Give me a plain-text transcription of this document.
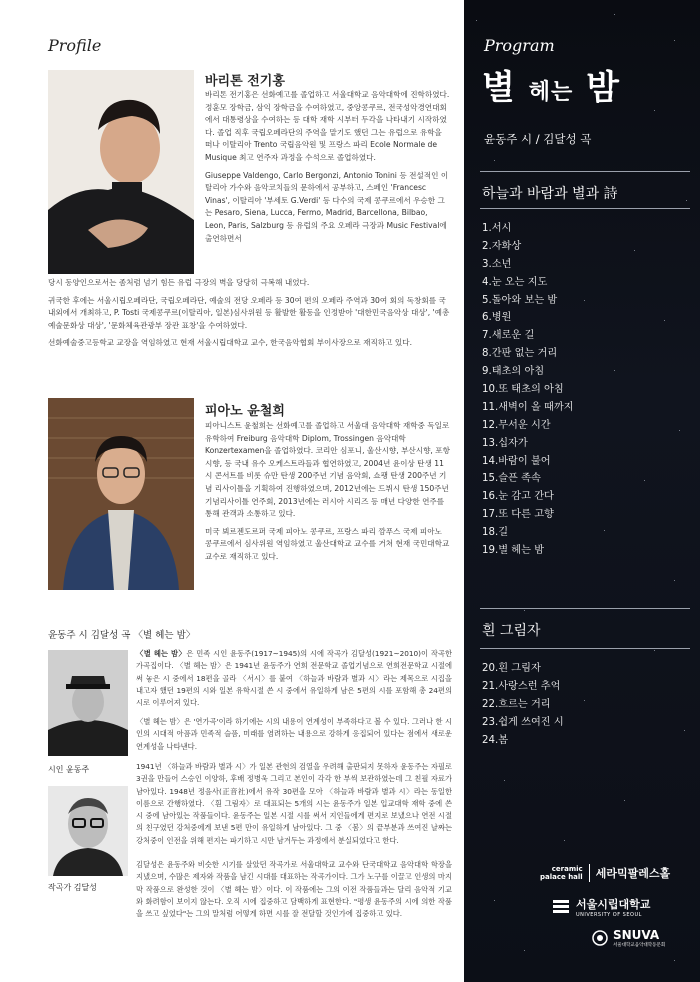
Profile
바리톤 전기홍

바리톤 전기홍은 선화예고를 졸업하고 서울대학교 음악대학에 진학하였다. 정훈모 장학금, 삼익 장학금을 수여하였고, 중앙콩쿠르, 전국성악경연대회에서 대통령상을 수여하는 등 대학 재학 시부터 두각을 나타내기 시작하였다. 졸업 직후 국립오페라단의 주역을 맡기도 했던 그는 유럽으로 유학을 떠나 이탈리아 Trento 국립음악원 및 프랑스 파리 Ecole Normale de Musique 최고 연주자 과정을 수석으로 졸업하였다.

Giuseppe Valdengo, Carlo Bergonzi, Antonio Tonini 등 전설적인 이탈리아 가수와 음악코치들의 문하에서 공부하고, 스페인 'Francesc Vinas', 이탈리아 '부세토 G.Verdi' 등 다수의 국제 콩쿠르에서 우승한 그는 Pesaro, Siena, Lucca, Fermo, Madrid, Barcellona, Bilbao, Leon, Paris, Salzburg 등 유럽의 주요 오페라 극장과 Music Festival에 출연하면서

당시 동양인으로서는 좀처럼 넘기 힘든 유럽 극장의 벽을 당당히 극복해 내었다.

귀국한 후에는 서울시립오페라단, 국립오페라단, 예술의 전당 오페라 등 30여 편의 오페라 주역과 30여 회의 독창회를 국내외에서 개최하고, P. Tosti 국제콩쿠르(이탈리아, 일본)심사위원 등 활발한 활동을 인정받아 '대한민국음악상 대상', '예총예술문화상 대상', '문화체육관광부 장관 표창'을 수여하였다.

선화예술중고등학교 교장을 역임하였고 현재 서울시립대학교 교수, 한국음악협회 부이사장으로 재직하고 있다.

피아노 윤철희

피아니스트 윤철희는 선화예고를 졸업하고 서울대 음악대학 재학중 독일로 유학하여 Freiburg 음악대학 Diplom, Trossingen 음악대학 Konzertexamen을 졸업하였다. 코리안 심포니, 울산시향, 부산시향, 포항시향, 등 국내 유수 오케스트라들과 협연하였고, 2004년 윤이상 탄생 11시 콘서트를 비롯 슈만 탄생 200주년 기념 음악회, 쇼팽 탄생 200주년 기념 리사이틀을 기획하여 진행하였으며, 2012년에는 드뷔시 탄생 150주년 기념리사이틀 연주회, 2013년에는 러시아 시리즈 등 매년 다양한 연주를 통해 관객과 소통하고 있다.

미국 뵈르젠도르퍼 국제 피아노 콩쿠르, 프랑스 파리 깜푸스 국제 피아노 콩쿠르에서 심사위원 역임하였고 울산대학교 교수를 거쳐 현재 국민대학교 교수로 재직하고 있다.

윤동주 시 김달성 곡 〈별 헤는 밤〉
시인 윤동주
작곡가 김달성
〈별 헤는 밤〉은 민족 시인 윤동주(1917~1945)의 시에 작곡가 김달성(1921~2010)이 작곡한 가곡집이다. 〈별 헤는 밤〉은 1941년 윤동주가 연희 전문학교 졸업기념으로 연희전문학교 시절에 써 놓은 시 중에서 18편을 골라 〈서시〉를 붙여 〈하늘과 바람과 별과 시〉라는 제목으로 시집을 내고자 했던 19편의 시와 일본 유학시절 쓴 시 중에서 유일하게 남은 5편의 시를 포함해 총 24편의 시로 이루어져 있다.
〈별 헤는 밤〉은 '연가곡'이라 하기에는 시의 내용이 연계성이 부족하다고 볼 수 있다. 그러나 한 시인의 시대적 아픔과 민족적 슬픔, 미래를 염려하는 내용으로 강하게 응집되어 있다는 점에서 새로운 연계성을 나타낸다.
1941년 〈하늘과 바람과 별과 시〉가 일본 관헌의 검열을 우려해 출판되지 못하자 윤동주는 자필로 3권을 만들어 스승인 이양하, 후배 정병욱 그리고 본인이 각각 한 부씩 보관하였는데 그 친필 자료가 남아있다. 1948년 정음사(正音社)에서 유작 30편을 모아 〈하늘과 바람과 별과 시〉라는 동일한 이름으로 간행하였다. 〈흰 그림자〉로 대표되는 5개의 시는 윤동주가 일본 입교대학 재학 중에 쓴 시 중에 남아있는 작품들이다. 윤동주는 일본 시절 시를 써서 지인들에게 편지로 보냈으나 연전 시절의 친구였던 강처중에게 보낸 5편 만이 유일하게 남아있다. 그 중 〈봄〉의 끝부분과 쓰여진 날짜는 강처중이 인전을 위해 편지는 파기하고 시만 남겨두는 과정에서 분실되었다고 한다.
김달성은 윤동주와 비슷한 시기를 살았던 작곡가로 서울대학교 교수와 단국대학교 음악대학 학장을 지냈으며, 수많은 제자와 작품을 남긴 시대를 대표하는 작곡가이다. 그가 노구를 이끌고 인생의 마지막 작품으로 완성한 것이 〈별 헤는 밤〉이다. 이 작품에는 그의 이전 작품들과는 달리 음악적 기교와 화려함이 보이지 않는다. 오직 시에 집중하고 담백하게 표현한다. "평생 윤동주의 시에 의한 작품을 쓰고 싶었다"는 그의 말처럼 어떻게 하면 시를 잘 전달할 것인가에 집중하고 있다.
Program
별 헤는 밤
윤동주 시 / 김달성 곡
하늘과 바람과 별과 詩
1.서시
2.자화상
3.소년
4.눈 오는 지도
5.돌아와 보는 밤
6.병원
7.새로운 길
8.간판 없는 거리
9.태초의 아침
10.또 태초의 아침
11.새벽이 올 때까지
12.무서운 시간
13.십자가
14.바람이 불어
15.슬픈 족속
16.눈 감고 간다
17.또 다른 고향
18.길
19.별 헤는 밤
흰 그림자
20.흰 그림자
21.사랑스런 추억
22.흐르는 거리
23.쉽게 쓰여진 시
24.봄
ceramic
palace hall 세라믹팔레스홀
서울시립대학교
UNIVERSITY OF SEOUL
SNUVA
서울대학교음악대학동문회
